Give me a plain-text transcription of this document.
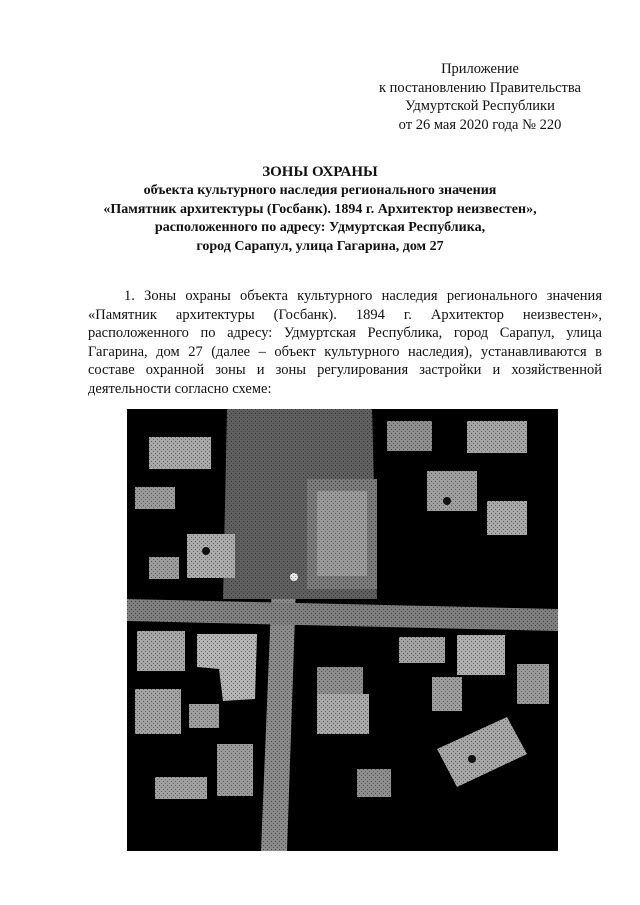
Приложение
к постановлению Правительства
Удмуртской Республики
от 26 мая 2020 года № 220
ЗОНЫ ОХРАНЫ
объекта культурного наследия регионального значения
«Памятник архитектуры (Госбанк). 1894 г. Архитектор неизвестен»,
расположенного по адресу: Удмуртская Республика,
город Сарапул, улица Гагарина, дом 27
1. Зоны охраны объекта культурного наследия регионального значения
«Памятник архитектуры (Госбанк). 1894 г. Архитектор неизвестен»,
расположенного по адресу: Удмуртская Республика, город Сарапул, улица
Гагарина, дом 27 (далее – объект культурного наследия), устанавливаются в
составе охранной зоны и зоны регулирования застройки и хозяйственной
деятельности согласно схеме:
